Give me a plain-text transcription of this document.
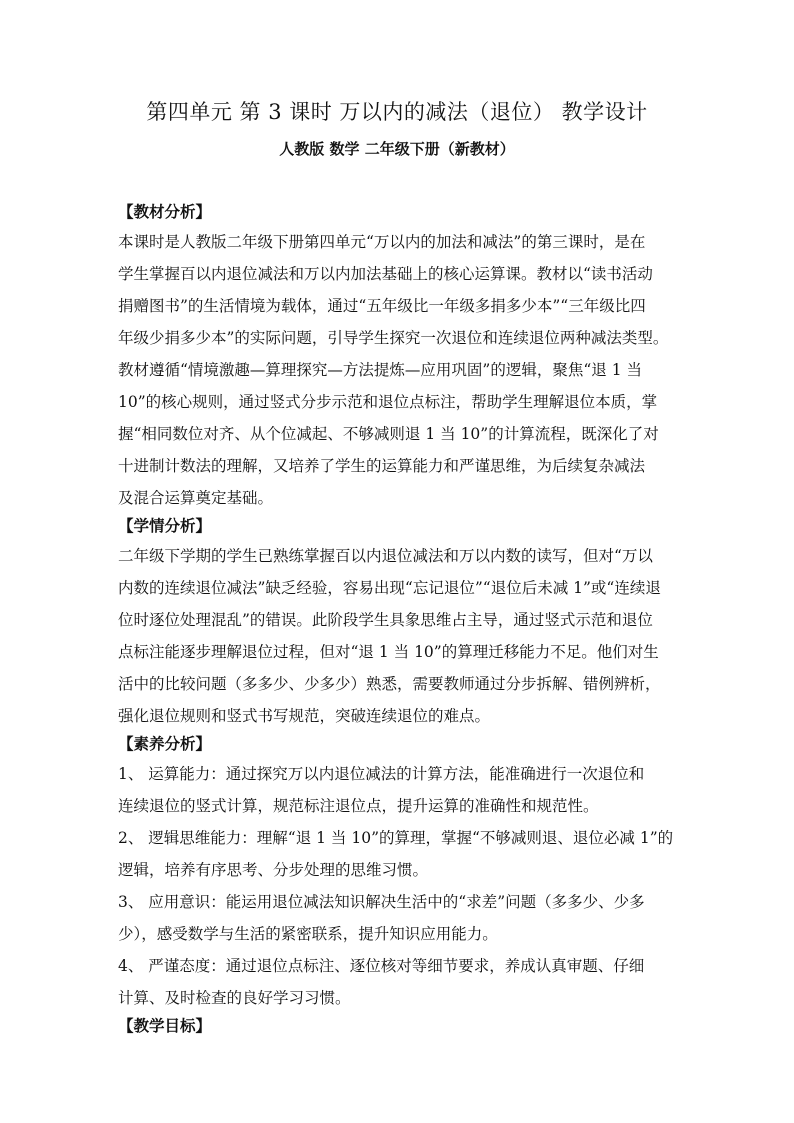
第四单元 第 3 课时 万以内的减法（退位） 教学设计
人教版 数学 二年级下册（新教材）
【教材分析】
本课时是人教版二年级下册第四单元“万以内的加法和减法”的第三课时，是在
学生掌握百以内退位减法和万以内加法基础上的核心运算课。教材以“读书活动
捐赠图书”的生活情境为载体，通过“五年级比一年级多捐多少本”“三年级比四
年级少捐多少本”的实际问题，引导学生探究一次退位和连续退位两种减法类型。
教材遵循“情境激趣—算理探究—方法提炼—应用巩固”的逻辑，聚焦“退 1 当
10”的核心规则，通过竖式分步示范和退位点标注，帮助学生理解退位本质，掌
握“相同数位对齐、从个位减起、不够减则退 1 当 10”的计算流程，既深化了对
十进制计数法的理解，又培养了学生的运算能力和严谨思维，为后续复杂减法
及混合运算奠定基础。
【学情分析】
二年级下学期的学生已熟练掌握百以内退位减法和万以内数的读写，但对“万以
内数的连续退位减法”缺乏经验，容易出现“忘记退位”“退位后未减 1”或“连续退
位时逐位处理混乱”的错误。此阶段学生具象思维占主导，通过竖式示范和退位
点标注能逐步理解退位过程，但对“退 1 当 10”的算理迁移能力不足。他们对生
活中的比较问题（多多少、少多少）熟悉，需要教师通过分步拆解、错例辨析，
强化退位规则和竖式书写规范，突破连续退位的难点。
【素养分析】
1、 运算能力：通过探究万以内退位减法的计算方法，能准确进行一次退位和
连续退位的竖式计算，规范标注退位点，提升运算的准确性和规范性。
2、 逻辑思维能力：理解“退 1 当 10”的算理，掌握“不够减则退、退位必减 1”的
逻辑，培养有序思考、分步处理的思维习惯。
3、 应用意识：能运用退位减法知识解决生活中的“求差”问题（多多少、少多
少），感受数学与生活的紧密联系，提升知识应用能力。
4、 严谨态度：通过退位点标注、逐位核对等细节要求，养成认真审题、仔细
计算、及时检查的良好学习习惯。
【教学目标】
